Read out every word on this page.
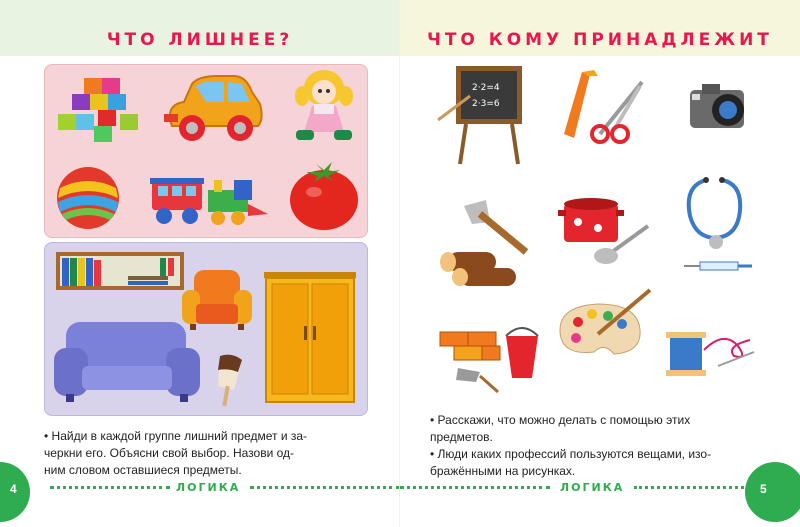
ЧТО ЛИШНЕЕ?

• Найди в каждой группе лишний предмет и за-
черкни его. Объясни свой выбор. Назови од-
ним словом оставшиеся предметы.

4	ЛОГИКА
ЧТО КОМУ ПРИНАДЛЕЖИТ
2·2=4
2·3=6

• Расскажи, что можно делать с помощью этих
предметов.
• Люди каких профессий пользуются вещами, изо-
бражёнными на рисунках.

ЛОГИКА	5
